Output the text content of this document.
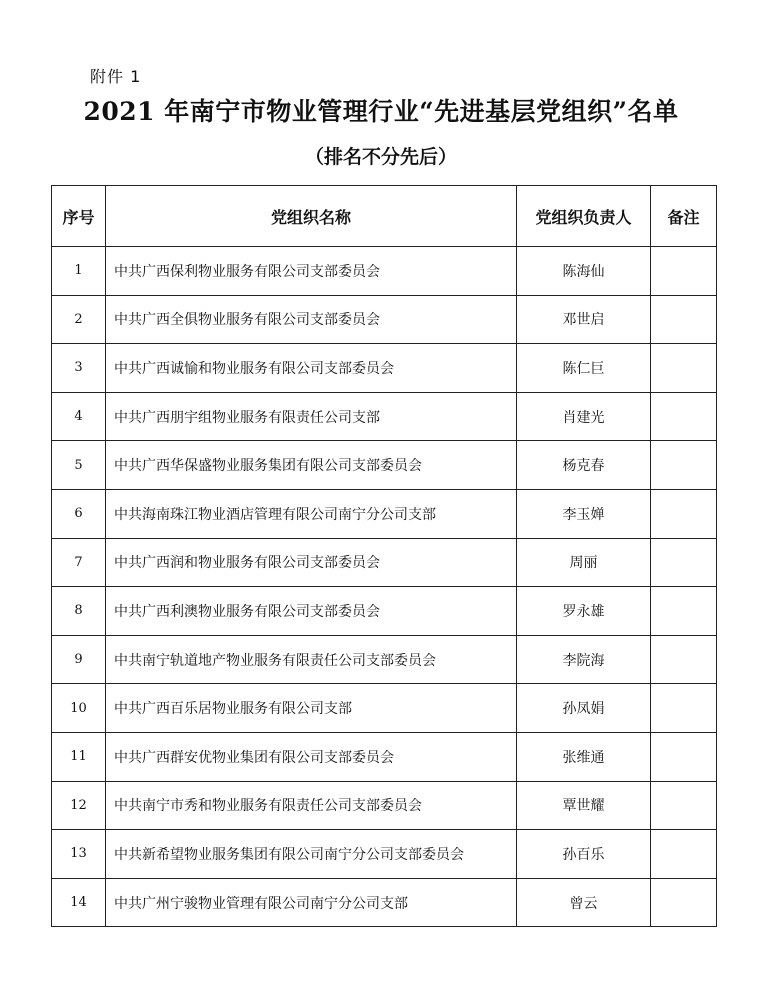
附件 1
2021 年南宁市物业管理行业“先进基层党组织”名单
（排名不分先后）
序号	党组织名称	党组织负责人	备注
1	中共广西保利物业服务有限公司支部委员会	陈海仙	
2	中共广西全俱物业服务有限公司支部委员会	邓世启	
3	中共广西诚愉和物业服务有限公司支部委员会	陈仁巨	
4	中共广西朋宇组物业服务有限责任公司支部	肖建光	
5	中共广西华保盛物业服务集团有限公司支部委员会	杨克春	
6	中共海南珠江物业酒店管理有限公司南宁分公司支部	李玉婵	
7	中共广西润和物业服务有限公司支部委员会	周丽	
8	中共广西利澳物业服务有限公司支部委员会	罗永雄	
9	中共南宁轨道地产物业服务有限责任公司支部委员会	李院海	
10	中共广西百乐居物业服务有限公司支部	孙凤娟	
11	中共广西群安优物业集团有限公司支部委员会	张维通	
12	中共南宁市秀和物业服务有限责任公司支部委员会	覃世耀	
13	中共新希望物业服务集团有限公司南宁分公司支部委员会	孙百乐	
14	中共广州宁骏物业管理有限公司南宁分公司支部	曾云	
